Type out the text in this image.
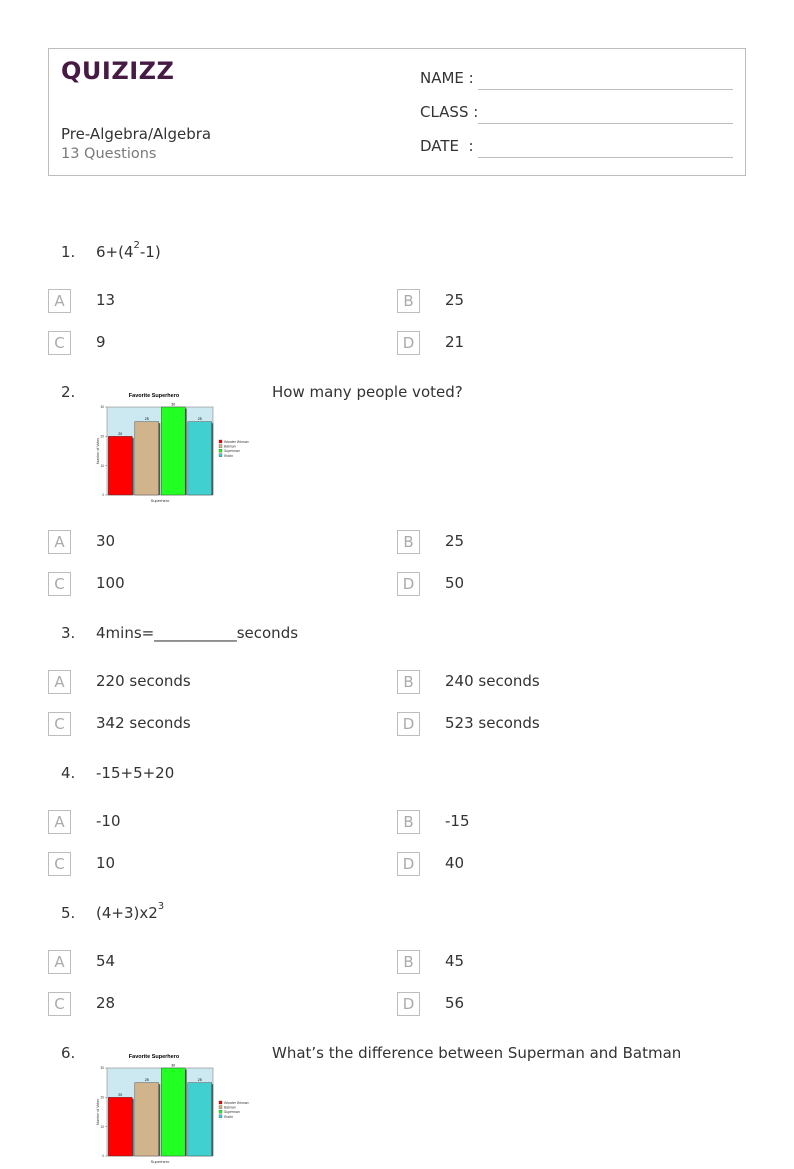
QUIZIZZ
Pre-Algebra/Algebra
13 Questions
NAME :
CLASS :
DATE  :
1. $6+(4^2-1)$
A	13	B	25
C	9	D	21
2.	Favorite Superhero
20
25
30
25
0
10
20
30
Number of Votes
Superhero
Wonder Woman
Batman
Superman
Robin
How many people voted?
A	30	B	25
C	100	D	50
3. 4mins=___________seconds
A	220 seconds	B	240 seconds
C	342 seconds	D	523 seconds
4. -15+5+20
A	-10	B	-15
C	10	D	40
5. $(4+3)x2^3$
A	54	B	45
C	28	D	56
6.	Favorite Superhero
20
25
30
25
0
10
20
30
Number of Votes
Superhero
Wonder Woman
Batman
Superman
Robin
What’s the difference between Superman and Batman
